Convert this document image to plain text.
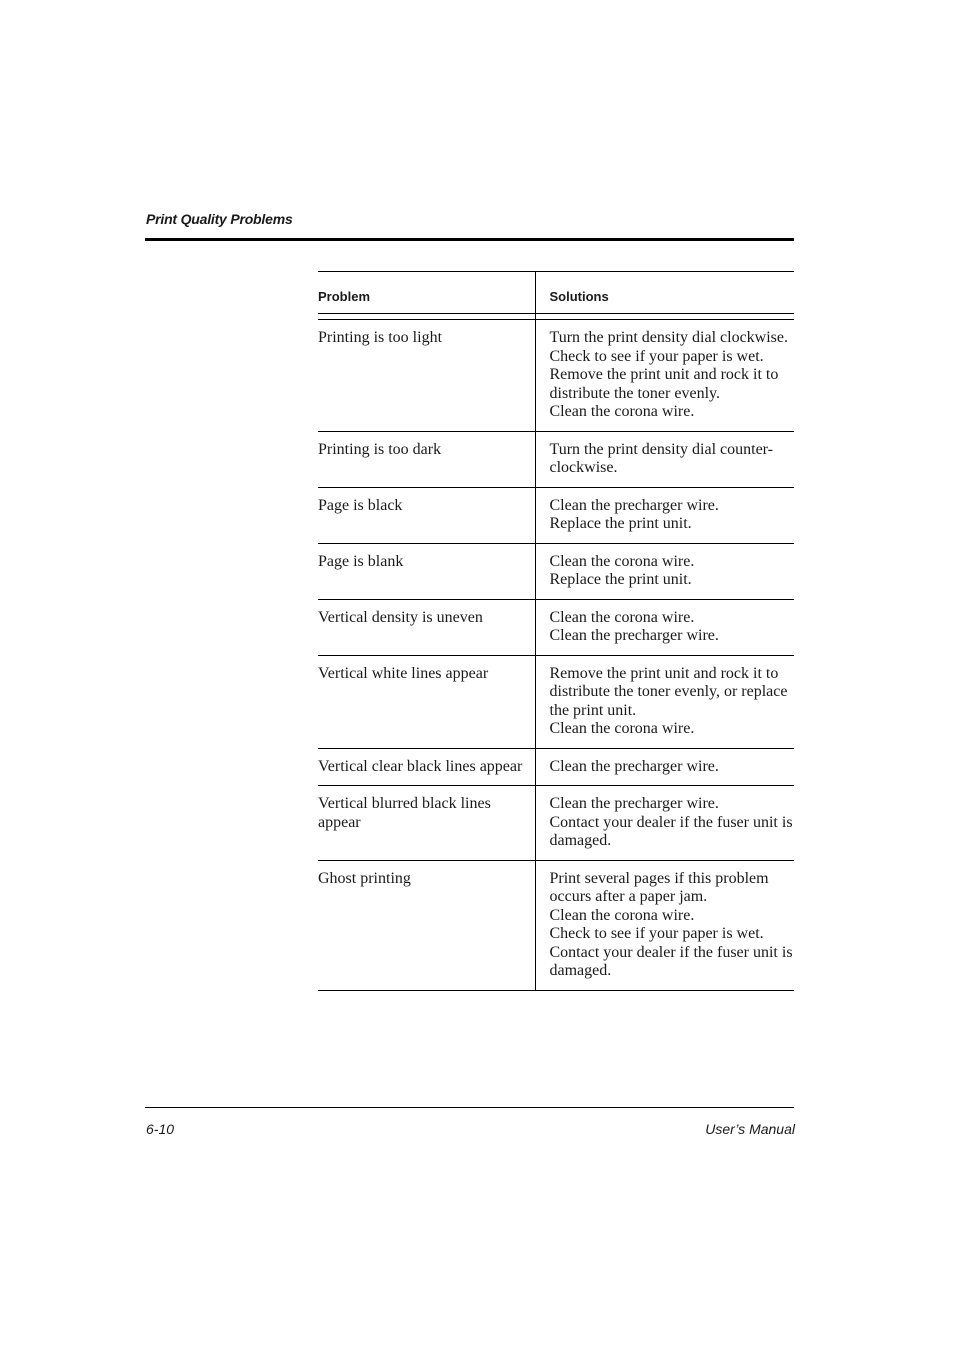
Print Quality Problems
Problem	Solutions

Printing is too light	Turn the print density dial clockwise.
Check to see if your paper is wet.
Remove the print unit and rock it to distribute the toner evenly.
Clean the corona wire.

Printing is too dark	Turn the print density dial counter-clockwise.

Page is black	Clean the precharger wire.
Replace the print unit.

Page is blank	Clean the corona wire.
Replace the print unit.

Vertical density is uneven	Clean the corona wire.
Clean the precharger wire.

Vertical white lines appear	Remove the print unit and rock it to distribute the toner evenly, or replace the print unit.
Clean the corona wire.

Vertical clear black lines appear	Clean the precharger wire.

Vertical blurred black lines appear	Clean the precharger wire.
Contact your dealer if the fuser unit is damaged.

Ghost printing	Print several pages if this problem occurs after a paper jam.
Clean the corona wire.
Check to see if your paper is wet.
Contact your dealer if the fuser unit is damaged.
6-10	User’s Manual
